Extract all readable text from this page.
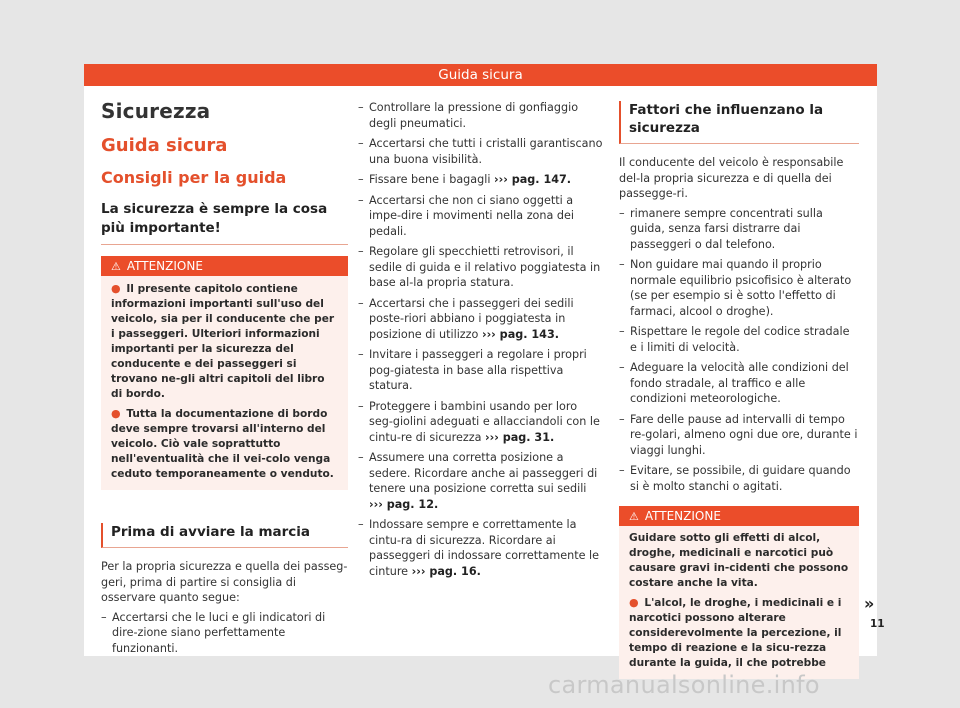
Guida sicura
Sicurezza
Guida sicura
Consigli per la guida
La sicurezza è sempre la cosa più importante!
⚠ ATTENZIONE

● Il presente capitolo contiene informazioni importanti sull'uso del veicolo, sia per il conducente che per i passeggeri. Ulteriori informazioni importanti per la sicurezza del conducente e dei passeggeri si trovano ne-gli altri capitoli del libro di bordo.

● Tutta la documentazione di bordo deve sempre trovarsi all'interno del veicolo. Ciò vale soprattutto nell'eventualità che il vei-colo venga ceduto temporaneamente o venduto.

Prima di avviare la marcia

Per la propria sicurezza e quella dei passeg-geri, prima di partire si consiglia di osservare quanto segue:

– Accertarsi che le luci e gli indicatori di dire-zione siano perfettamente funzionanti.
– Controllare la pressione di gonfiaggio degli pneumatici.
– Accertarsi che tutti i cristalli garantiscano una buona visibilità.
– Fissare bene i bagagli ››› pag. 147.
– Accertarsi che non ci siano oggetti a impe-dire i movimenti nella zona dei pedali.
– Regolare gli specchietti retrovisori, il sedile di guida e il relativo poggiatesta in base al-la propria statura.
– Accertarsi che i passeggeri dei sedili poste-riori abbiano i poggiatesta in posizione di utilizzo ››› pag. 143.
– Invitare i passeggeri a regolare i propri pog-giatesta in base alla rispettiva statura.
– Proteggere i bambini usando per loro seg-giolini adeguati e allacciandoli con le cintu-re di sicurezza ››› pag. 31.
– Assumere una corretta posizione a sedere. Ricordare anche ai passeggeri di tenere una posizione corretta sui sedili ››› pag. 12.
– Indossare sempre e correttamente la cintu-ra di sicurezza. Ricordare ai passeggeri di indossare correttamente le cinture ››› pag. 16.
Fattori che influenzano la sicurezza

Il conducente del veicolo è responsabile del-la propria sicurezza e di quella dei passegge-ri.

– rimanere sempre concentrati sulla guida, senza farsi distrarre dai passeggeri o dal telefono.
– Non guidare mai quando il proprio normale equilibrio psicofisico è alterato (se per esempio si è sotto l'effetto di farmaci, alcool o droghe).
– Rispettare le regole del codice stradale e i limiti di velocità.
– Adeguare la velocità alle condizioni del fondo stradale, al traffico e alle condizioni meteorologiche.
– Fare delle pause ad intervalli di tempo re-golari, almeno ogni due ore, durante i viaggi lunghi.
– Evitare, se possibile, di guidare quando si è molto stanchi o agitati.
⚠ ATTENZIONE

Guidare sotto gli effetti di alcol, droghe, medicinali e narcotici può causare gravi in-cidenti che possono costare anche la vita.

● L'alcol, le droghe, i medicinali e i narcotici possono alterare considerevolmente la percezione, il tempo di reazione e la sicu-rezza durante la guida, il che potrebbe

»
11
carmanualsonline.info
